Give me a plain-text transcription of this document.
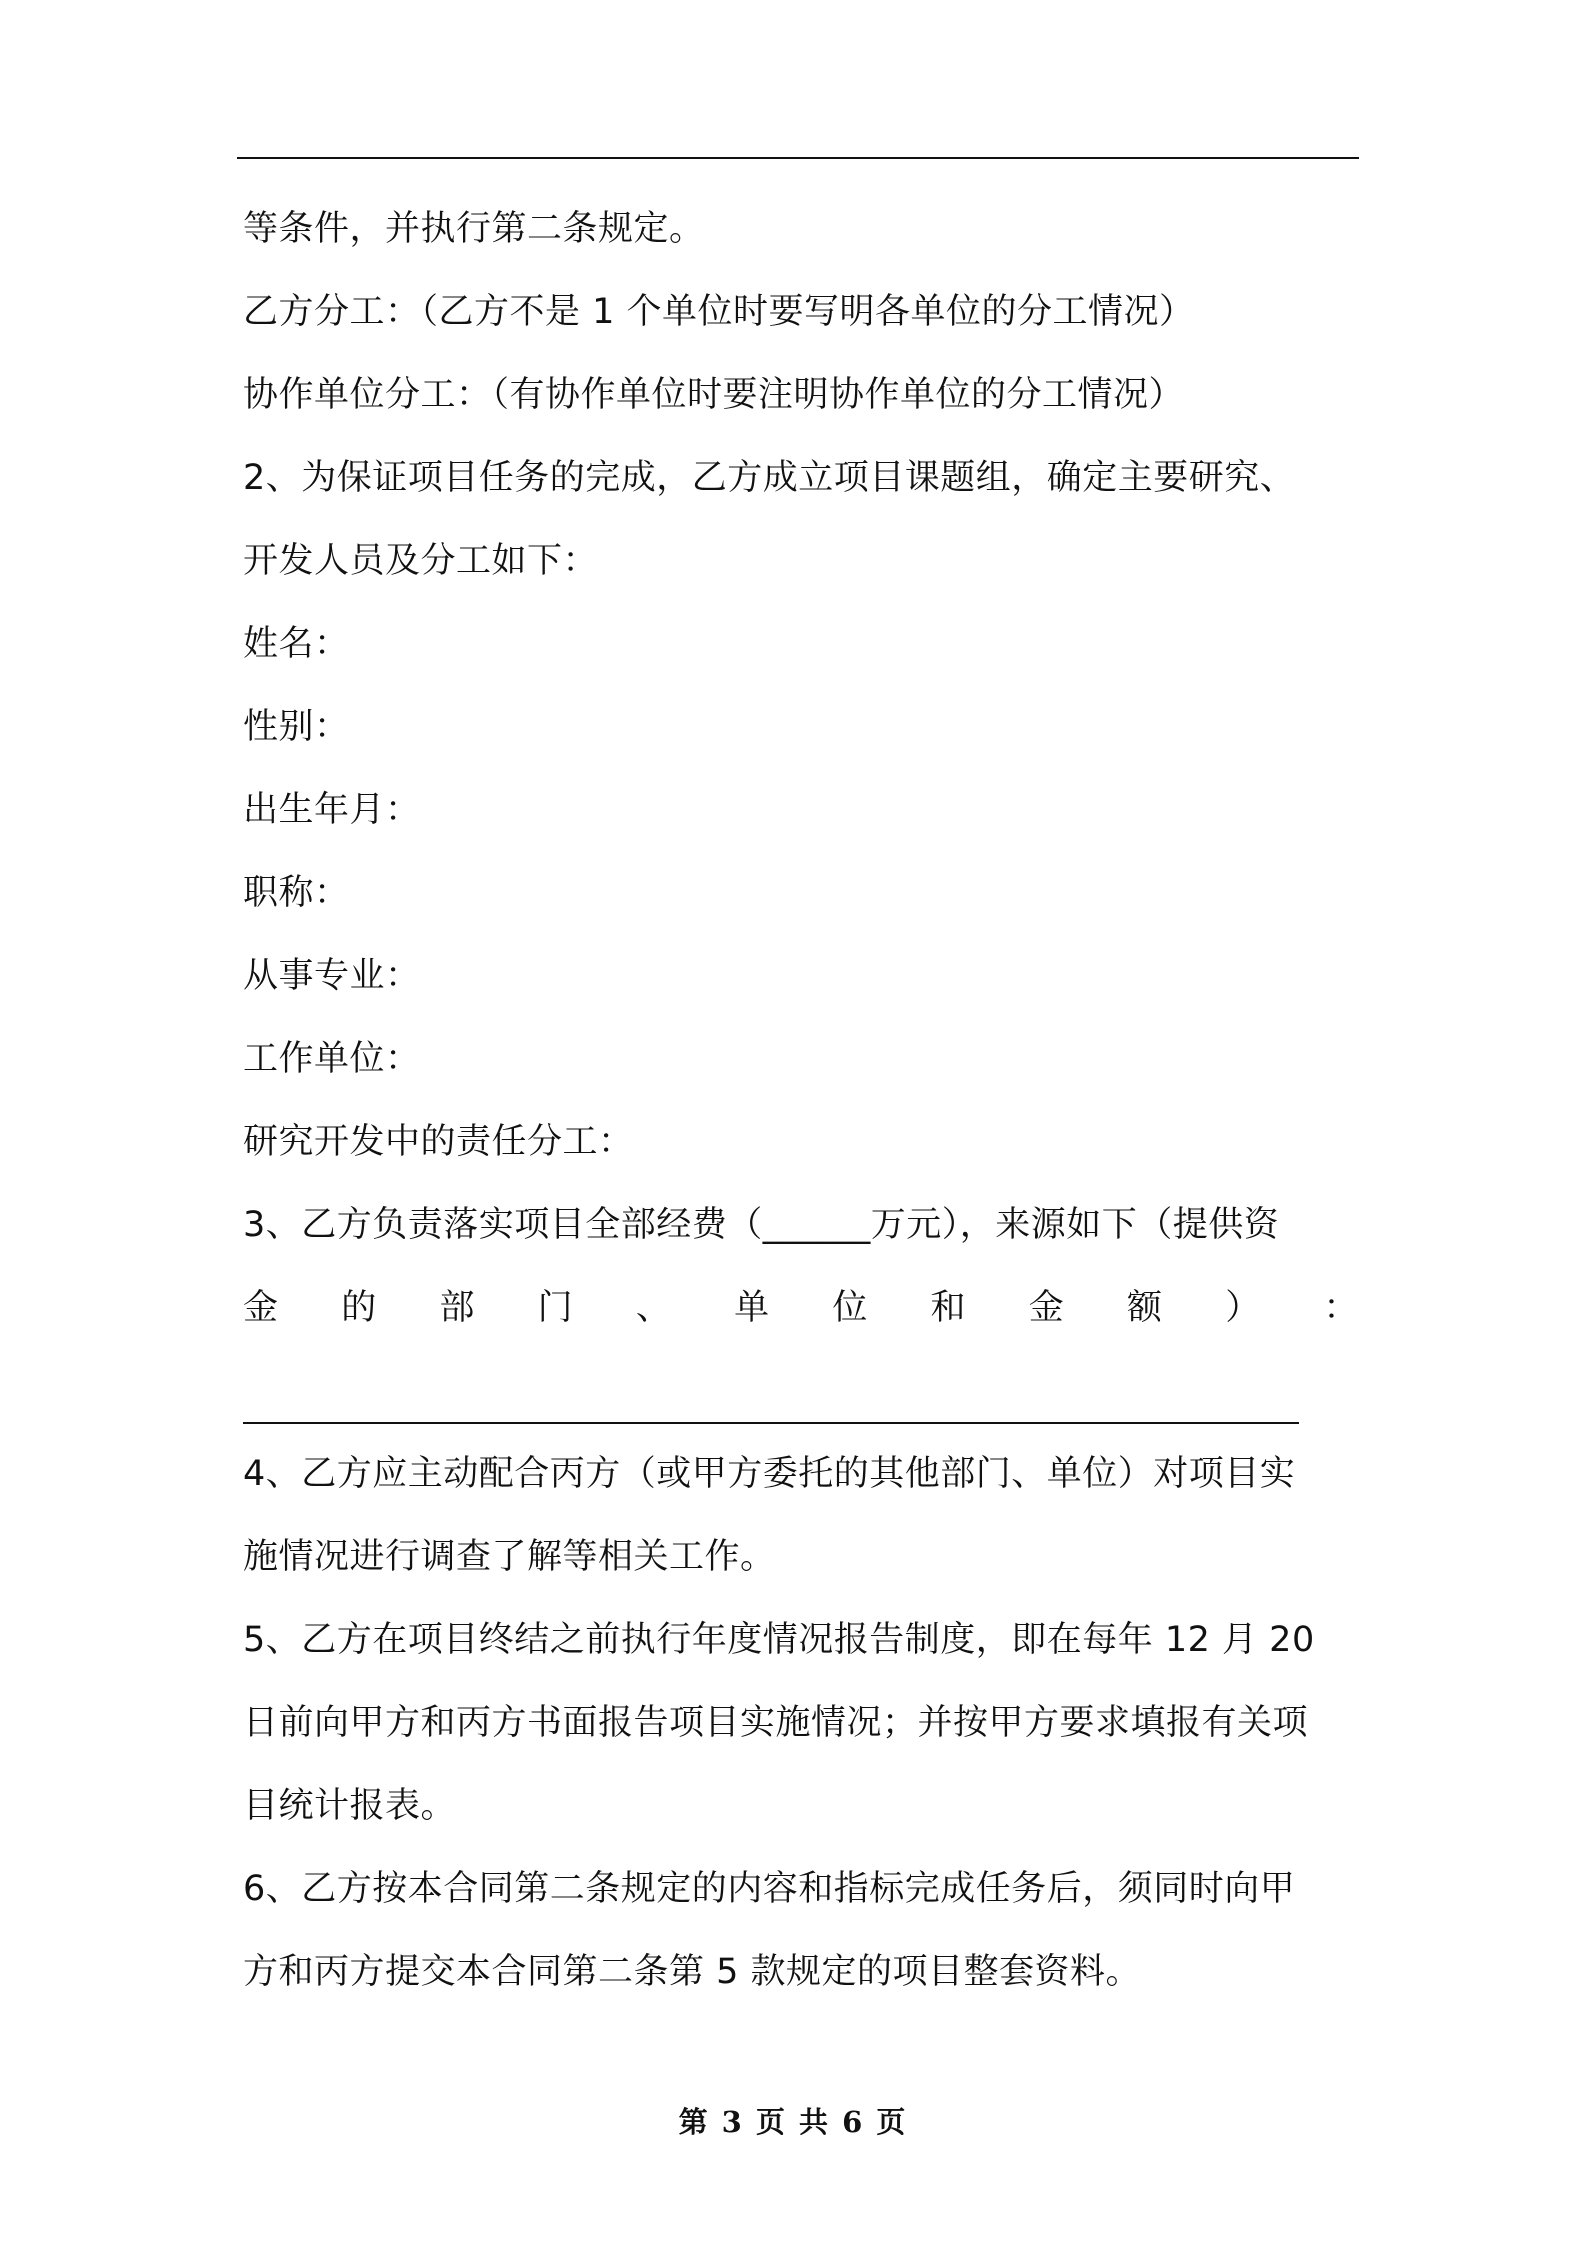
等条件，并执行第二条规定。
乙方分工：（乙方不是 1 个单位时要写明各单位的分工情况）
协作单位分工：（有协作单位时要注明协作单位的分工情况）
2、为保证项目任务的完成，乙方成立项目课题组，确定主要研究、
开发人员及分工如下：
姓名：
性别：
出生年月：
职称：
从事专业：
工作单位：
研究开发中的责任分工：
3、乙方负责落实项目全部经费（______万元），来源如下（提供资
金 的 部 门 、 单 位 和 金 额 ） ：
4、乙方应主动配合丙方（或甲方委托的其他部门、单位）对项目实
施情况进行调查了解等相关工作。
5、乙方在项目终结之前执行年度情况报告制度，即在每年 12 月 20
日前向甲方和丙方书面报告项目实施情况；并按甲方要求填报有关项
目统计报表。
6、乙方按本合同第二条规定的内容和指标完成任务后，须同时向甲
方和丙方提交本合同第二条第 5 款规定的项目整套资料。
第 3 页 共 6 页
